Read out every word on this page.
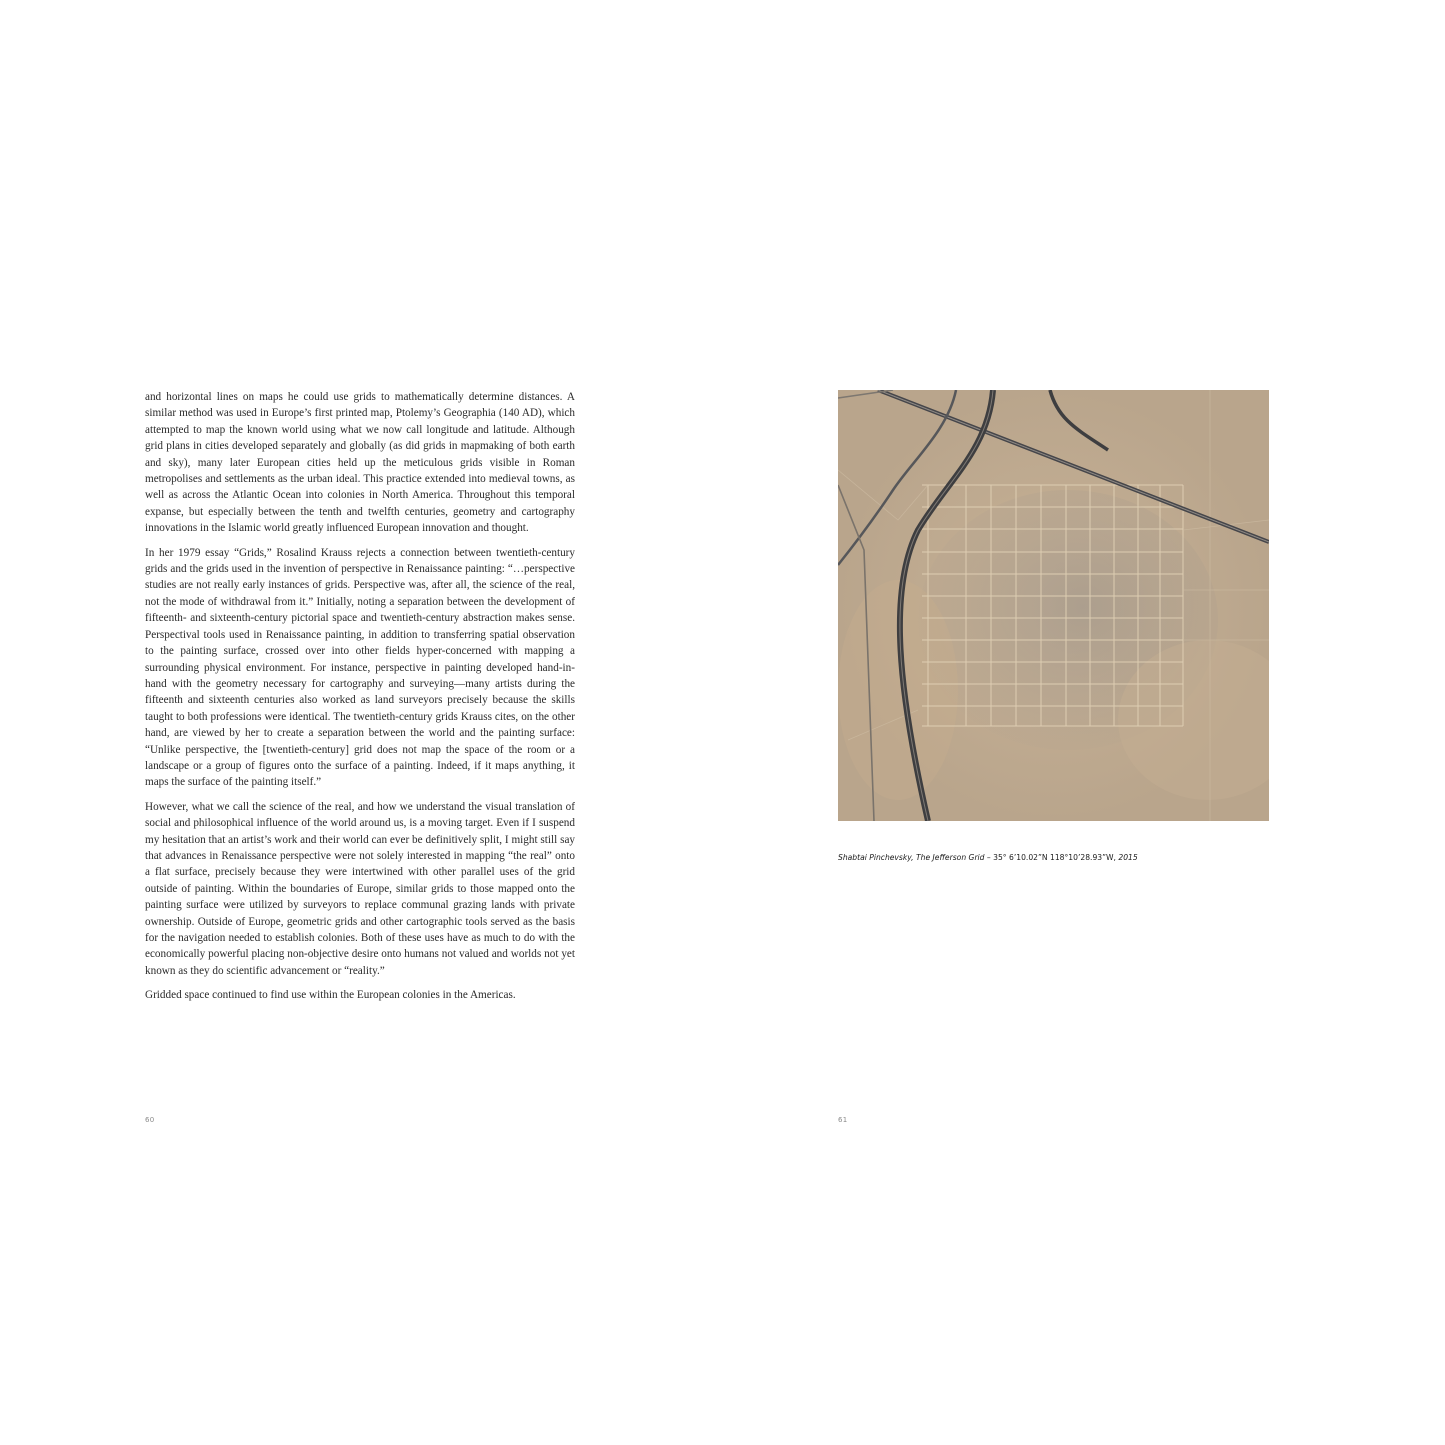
and horizontal lines on maps he could use grids to mathematically determine distances. A similar method was used in Europe’s first printed map, Ptolemy’s Geographia (140 AD), which attempted to map the known world using what we now call longitude and latitude. Although grid plans in cities developed separately and globally (as did grids in mapmaking of both earth and sky), many later European cities held up the meticulous grids visible in Roman metropolises and settlements as the urban ideal. This practice extended into medieval towns, as well as across the Atlantic Ocean into colonies in North America. Throughout this temporal expanse, but especially between the tenth and twelfth centuries, geometry and cartography innovations in the Islamic world greatly influenced European innovation and thought.

In her 1979 essay “Grids,” Rosalind Krauss rejects a connection between twentieth-century grids and the grids used in the invention of perspective in Renaissance painting: “…perspective studies are not really early instances of grids. Perspective was, after all, the science of the real, not the mode of withdrawal from it.” Initially, noting a separation between the development of fifteenth- and sixteenth-century pictorial space and twentieth-century abstraction makes sense. Perspectival tools used in Renaissance painting, in addition to transferring spatial observation to the painting surface, crossed over into other fields hyper-concerned with mapping a surrounding physical environment. For instance, perspective in painting developed hand-in-hand with the geometry necessary for cartography and surveying—many artists during the fifteenth and sixteenth centuries also worked as land surveyors precisely because the skills taught to both professions were identical. The twentieth-century grids Krauss cites, on the other hand, are viewed by her to create a separation between the world and the painting surface: “Unlike perspective, the [twentieth-century] grid does not map the space of the room or a landscape or a group of figures onto the surface of a painting. Indeed, if it maps anything, it maps the surface of the painting itself.”

However, what we call the science of the real, and how we understand the visual translation of social and philosophical influence of the world around us, is a moving target. Even if I suspend my hesitation that an artist’s work and their world can ever be definitively split, I might still say that advances in Renaissance perspective were not solely interested in mapping “the real” onto a flat surface, precisely because they were intertwined with other parallel uses of the grid outside of painting. Within the boundaries of Europe, similar grids to those mapped onto the painting surface were utilized by surveyors to replace communal grazing lands with private ownership. Outside of Europe, geometric grids and other cartographic tools served as the basis for the navigation needed to establish colonies. Both of these uses have as much to do with the economically powerful placing non-objective desire onto humans not valued and worlds not yet known as they do scientific advancement or “reality.”

Gridded space continued to find use within the European colonies in the Americas.

60
Shabtai Pinchevsky, The Jefferson Grid – 35° 6’10.02”N 118°10’28.93”W, 2015
61
